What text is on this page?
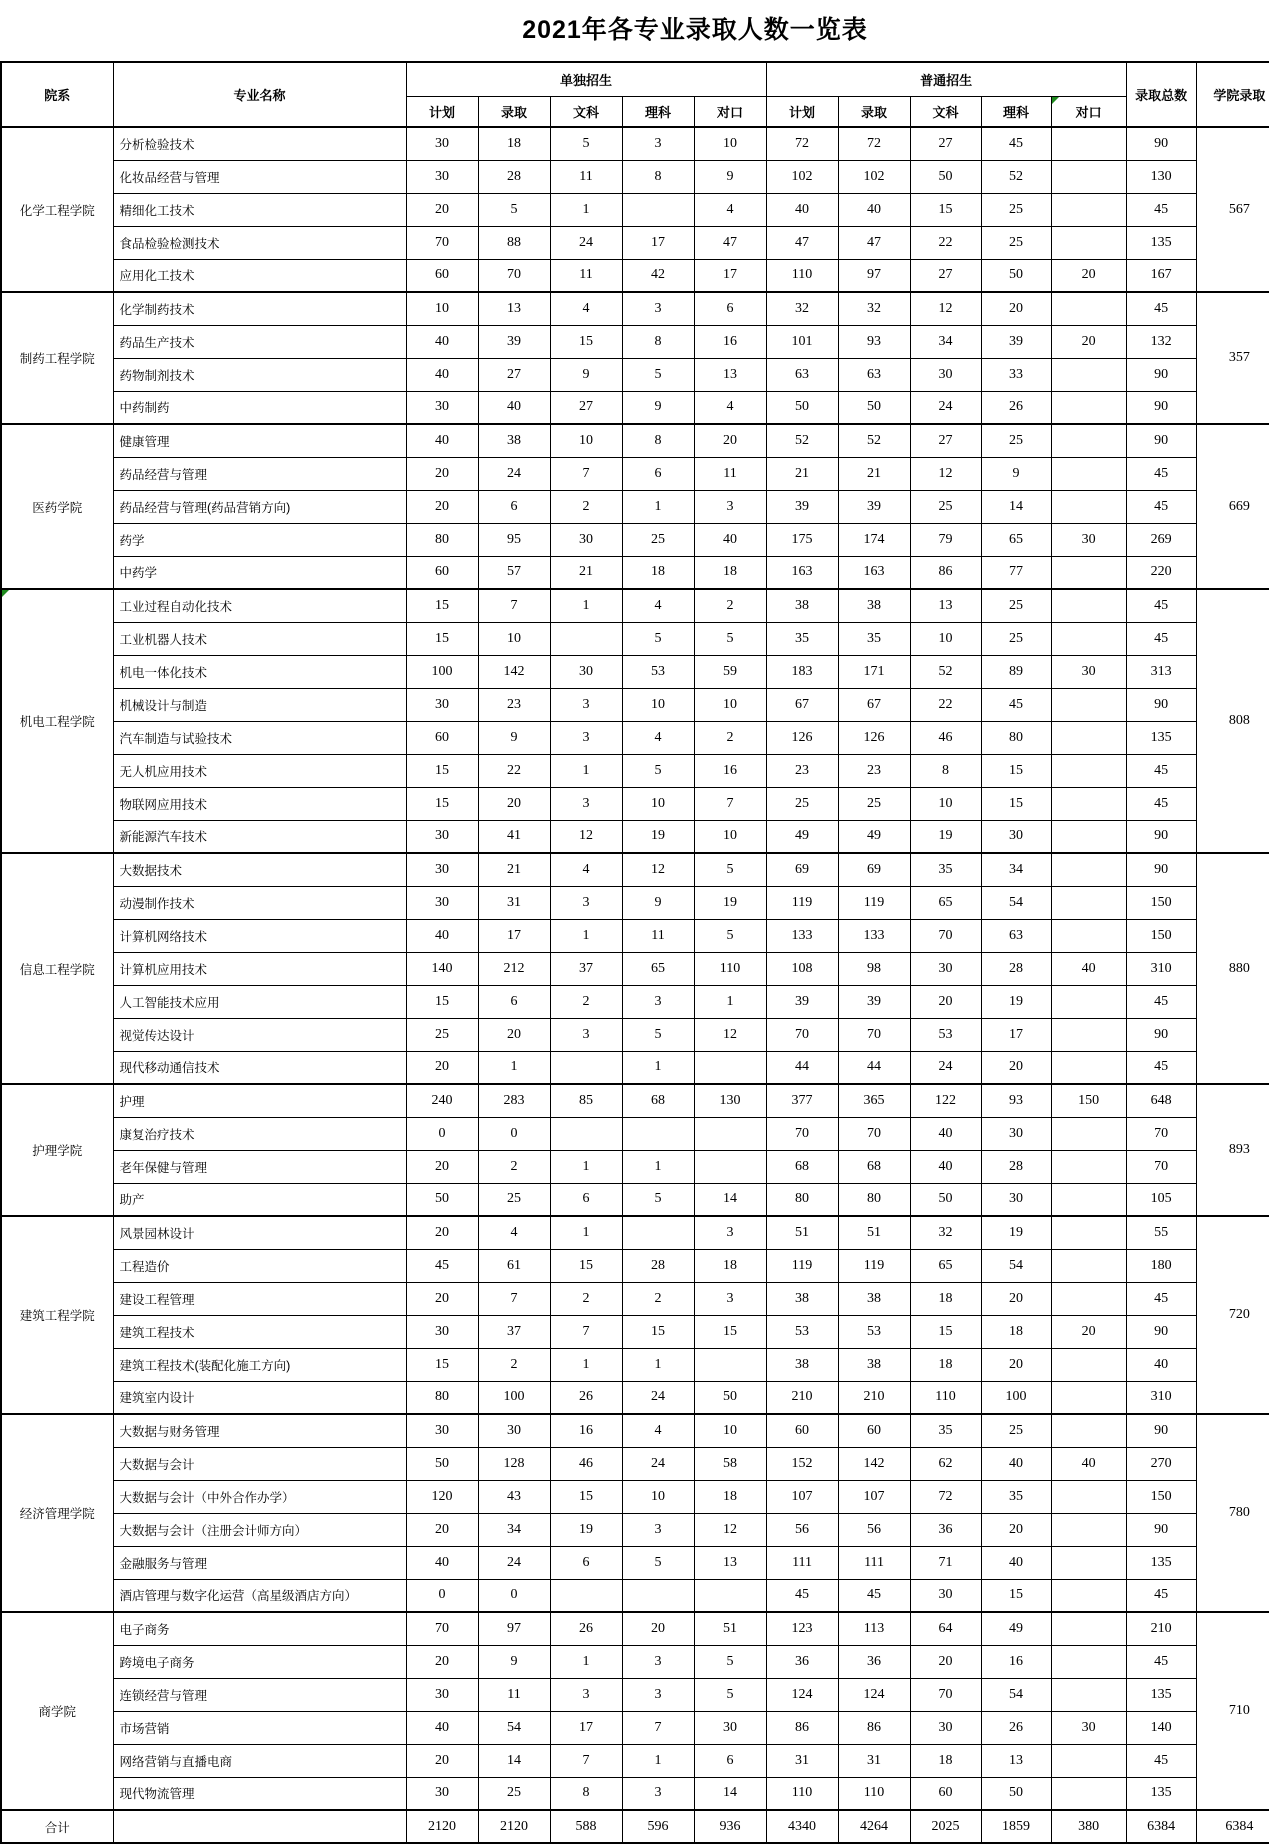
2021年各专业录取人数一览表
院系	专业名称	单独招生					普通招生					录取总数	学院录取
		计划	录取	文科	理科	对口	计划	录取	文科	理科	对口		
化学工程学院	分析检验技术	30	18	5	3	10	72	72	27	45		90	567
	化妆品经营与管理	30	28	11	8	9	102	102	50	52		130	
	精细化工技术	20	5	1		4	40	40	15	25		45	
	食品检验检测技术	70	88	24	17	47	47	47	22	25		135	
	应用化工技术	60	70	11	42	17	110	97	27	50	20	167	
制药工程学院	化学制药技术	10	13	4	3	6	32	32	12	20		45	357
	药品生产技术	40	39	15	8	16	101	93	34	39	20	132	
	药物制剂技术	40	27	9	5	13	63	63	30	33		90	
	中药制药	30	40	27	9	4	50	50	24	26		90	
医药学院	健康管理	40	38	10	8	20	52	52	27	25		90	669
	药品经营与管理	20	24	7	6	11	21	21	12	9		45	
	药品经营与管理(药品营销方向)	20	6	2	1	3	39	39	25	14		45	
	药学	80	95	30	25	40	175	174	79	65	30	269	
	中药学	60	57	21	18	18	163	163	86	77		220	
机电工程学院	工业过程自动化技术	15	7	1	4	2	38	38	13	25		45	808
	工业机器人技术	15	10		5	5	35	35	10	25		45	
	机电一体化技术	100	142	30	53	59	183	171	52	89	30	313	
	机械设计与制造	30	23	3	10	10	67	67	22	45		90	
	汽车制造与试验技术	60	9	3	4	2	126	126	46	80		135	
	无人机应用技术	15	22	1	5	16	23	23	8	15		45	
	物联网应用技术	15	20	3	10	7	25	25	10	15		45	
	新能源汽车技术	30	41	12	19	10	49	49	19	30		90	
信息工程学院	大数据技术	30	21	4	12	5	69	69	35	34		90	880
	动漫制作技术	30	31	3	9	19	119	119	65	54		150	
	计算机网络技术	40	17	1	11	5	133	133	70	63		150	
	计算机应用技术	140	212	37	65	110	108	98	30	28	40	310	
	人工智能技术应用	15	6	2	3	1	39	39	20	19		45	
	视觉传达设计	25	20	3	5	12	70	70	53	17		90	
	现代移动通信技术	20	1		1		44	44	24	20		45	
护理学院	护理	240	283	85	68	130	377	365	122	93	150	648	893
	康复治疗技术	0	0				70	70	40	30		70	
	老年保健与管理	20	2	1	1		68	68	40	28		70	
	助产	50	25	6	5	14	80	80	50	30		105	
建筑工程学院	风景园林设计	20	4	1		3	51	51	32	19		55	720
	工程造价	45	61	15	28	18	119	119	65	54		180	
	建设工程管理	20	7	2	2	3	38	38	18	20		45	
	建筑工程技术	30	37	7	15	15	53	53	15	18	20	90	
	建筑工程技术(装配化施工方向)	15	2	1	1		38	38	18	20		40	
	建筑室内设计	80	100	26	24	50	210	210	110	100		310	
经济管理学院	大数据与财务管理	30	30	16	4	10	60	60	35	25		90	780
	大数据与会计	50	128	46	24	58	152	142	62	40	40	270	
	大数据与会计（中外合作办学）	120	43	15	10	18	107	107	72	35		150	
	大数据与会计（注册会计师方向）	20	34	19	3	12	56	56	36	20		90	
	金融服务与管理	40	24	6	5	13	111	111	71	40		135	
	酒店管理与数字化运营（高星级酒店方向）	0	0				45	45	30	15		45	
商学院	电子商务	70	97	26	20	51	123	113	64	49		210	710
	跨境电子商务	20	9	1	3	5	36	36	20	16		45	
	连锁经营与管理	30	11	3	3	5	124	124	70	54		135	
	市场营销	40	54	17	7	30	86	86	30	26	30	140	
	网络营销与直播电商	20	14	7	1	6	31	31	18	13		45	
	现代物流管理	30	25	8	3	14	110	110	60	50		135	
合计		2120	2120	588	596	936	4340	4264	2025	1859	380	6384	6384
